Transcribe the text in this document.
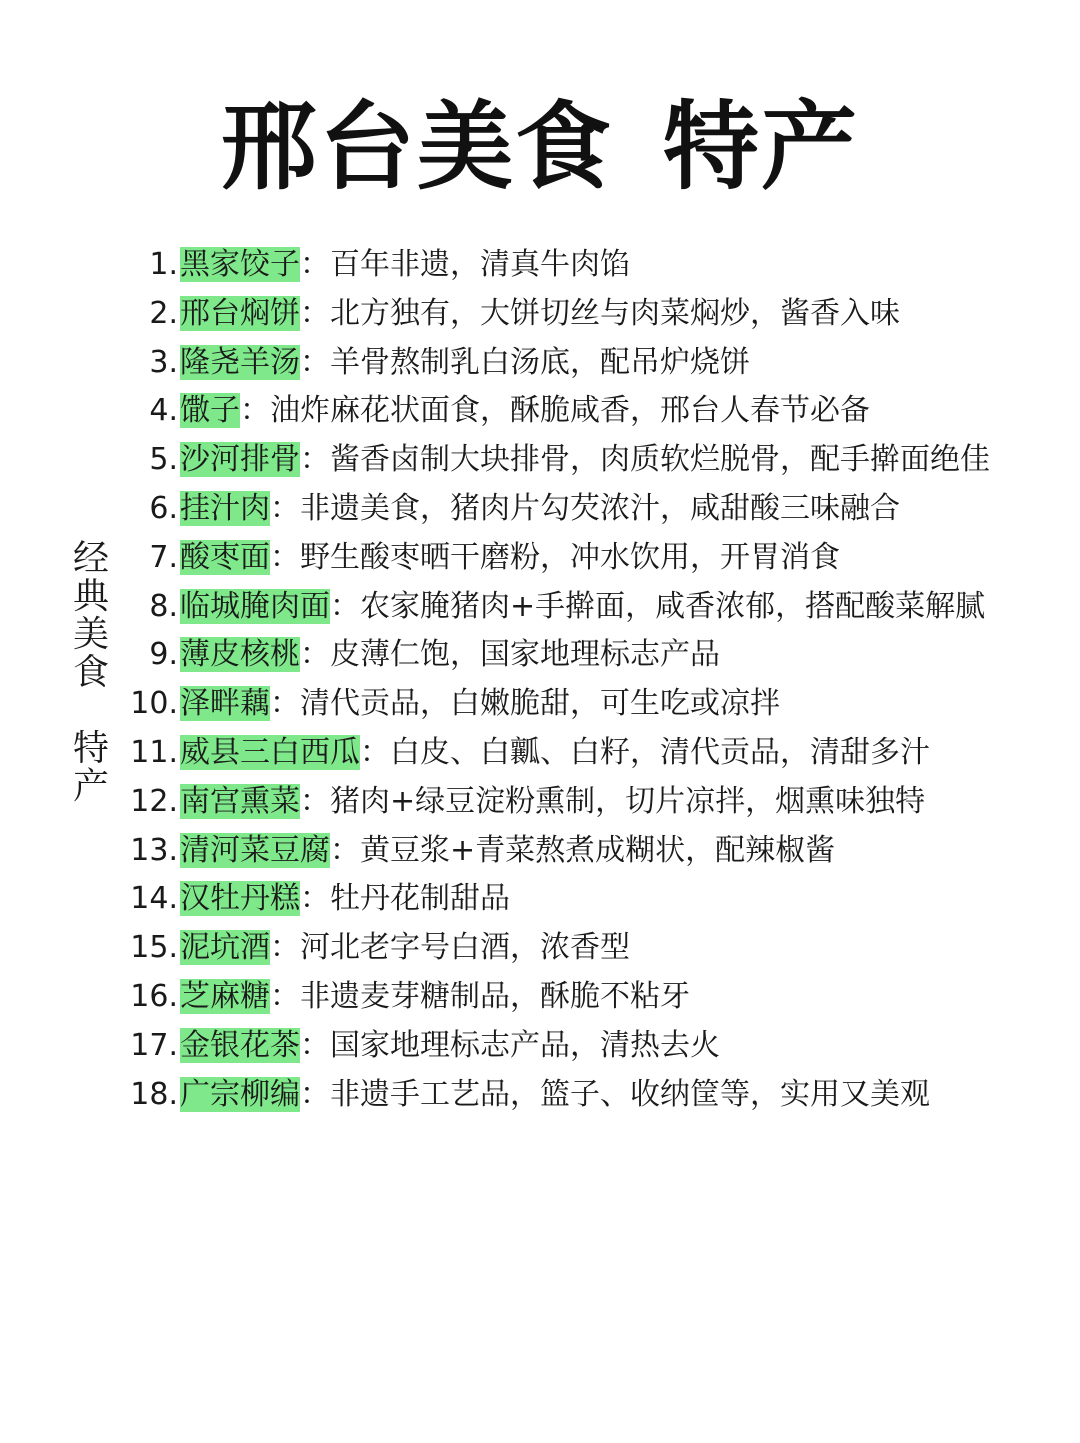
邢台美食 特产
经
典
美
食
特
产
1. 黑家饺子：百年非遗，清真牛肉馅
2. 邢台焖饼：北方独有，大饼切丝与肉菜焖炒，酱香入味
3. 隆尧羊汤：羊骨熬制乳白汤底，配吊炉烧饼
4. 馓子：油炸麻花状面食，酥脆咸香，邢台人春节必备
5. 沙河排骨：酱香卤制大块排骨，肉质软烂脱骨，配手擀面绝佳
6. 挂汁肉：非遗美食，猪肉片勾芡浓汁，咸甜酸三味融合
7. 酸枣面：野生酸枣晒干磨粉，冲水饮用，开胃消食
8. 临城腌肉面：农家腌猪肉+手擀面，咸香浓郁，搭配酸菜解腻
9. 薄皮核桃：皮薄仁饱，国家地理标志产品
10. 泽畔藕：清代贡品，白嫩脆甜，可生吃或凉拌
11. 威县三白西瓜：白皮、白瓤、白籽，清代贡品，清甜多汁
12. 南宫熏菜：猪肉+绿豆淀粉熏制，切片凉拌，烟熏味独特
13. 清河菜豆腐：黄豆浆+青菜熬煮成糊状，配辣椒酱
14. 汉牡丹糕：牡丹花制甜品
15. 泥坑酒：河北老字号白酒，浓香型
16. 芝麻糖：非遗麦芽糖制品，酥脆不粘牙
17. 金银花茶：国家地理标志产品，清热去火
18. 广宗柳编：非遗手工艺品，篮子、收纳筐等，实用又美观
